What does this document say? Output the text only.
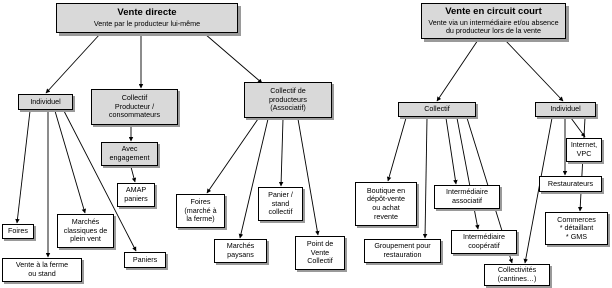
Vente directe
Vente par le producteur lui-même
Vente en circuit court
Vente via un intermédiaire et/ou absence
du producteur lors de la vente
Individuel	Collectif
Producteur /
consommateurs
Collectif de
producteurs
(Associatif)
Avec
engagement
AMAP
paniers
Foires
Marchés
classiques de
plein vent
Vente à la ferme
ou stand
Paniers
Foires
(marché à
la ferme)
Panier /
stand
collectif
Marchés
paysans
Point de
Vente
Collectif
Collectif	Individuel
Internet,
VPC
Restaurateurs
Commerces
* détaillant
* GMS
Boutique en
dépôt-vente
ou achat
revente
Intermédiaire
associatif
Intermédiaire
coopératif
Groupement pour
restauration
Collectivités
(cantines…)
